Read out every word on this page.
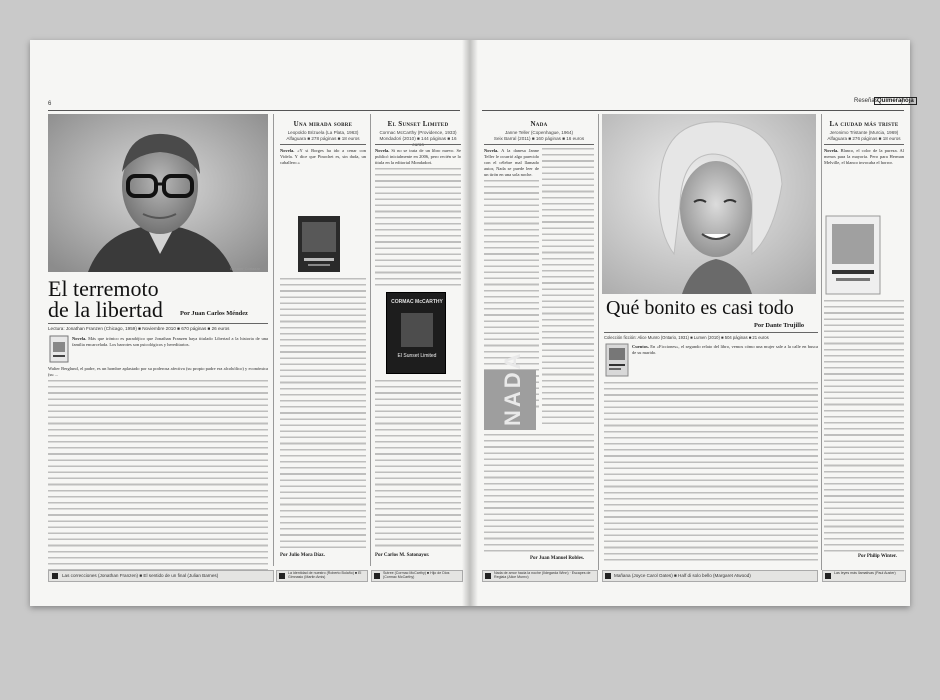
6
Greater Cortazar
El terremoto
de la libertad	Por Juan Carlos Méndez
Lectura: Jonathan Franzen (Chicago, 1959) ■ Noviembre 2010 ■ 670 páginas ■ 26 euros
Novela. Más que irónico es paradójico que Jonathan Franzen haya titulado Libertad a la historia de una familia encarcelada. Los barrotes son psicológicos y hereditarios.
Walter Berglund, el padre, es un hombre aplastado por su poderosa afectiva (su propio padre era alcohólico) y económica (su ...
Una mirada sobre
Leopoldo Brizuela (La Plata, 1963)
Alfaguara ■ 278 páginas ■ 18 euros
Novela. «Y si Borges ha ido a cenar con Videla. Y dice que Pinochet es, sin duda, un caballero.»
Por Julio Mora Díaz.
El Sunset Limited
Cormac McCarthy (Providence, 1933)
Mondadori (2010) ■ 144 páginas ■ 16
Novela. Si no se trata de un libro nuevo. Se publicó inicialmente en 2006, pero recién se lo titula en la editorial Mondadori.
CORMAC McCARTHY
El Sunset Limited
Por Carlos M. Satonayor.
Las correcciones (Jonathan Franzen) ■ El sentido de un final (Julian Barnes)	La identidad de nuestro (Roberto Bolaño) ■ El Gimnasio (Martin Amis)
Sutree (Cormac McCarthy) ■ Hijo de Dios (Cormac McCarthy)
Reseñas Quimerahoja
7
Nada
Janne Teller (Copenhague, 1964)
Seix Barral (2011) ■ 160 páginas ■ 16 euros
Novela. A la danesa Janne Teller le ocurrió algo parecido con el célebre mal llamado autor, Nada se puede leer de un tirón en una sola noche.
NADA
Por Juan Manuel Robles.
Qué bonito es casi todo
Por Dante Trujillo
Colección ficción: Alice Munro (Ontario, 1931) ■ Lumen (2010) ■ 504 páginas ■ 21 euros
Cuentos. En «Ficciones», el segundo relato del libro, vemos cómo una mujer sale a la calle en busca de su marido.
La ciudad más triste
Jeronimo Tristante (Murcia, 1969)
Alfaguara ■ 276 páginas ■ 18 euros
Novela. Blanco, el color de la pureza. Al menos para la mayoría. Pero para Herman Melville, el blanco invocaba el horror.
Por Philip Winter.
Nada de amor hacia la noche (Ildegarda Winn) · Escapes de Reglaia (Alice Munro)	Mañana (Joyce Carol Oates) ■ Half di solo bello (Margaret Atwood)	Las leyes más llamativas (Paul Auster)
